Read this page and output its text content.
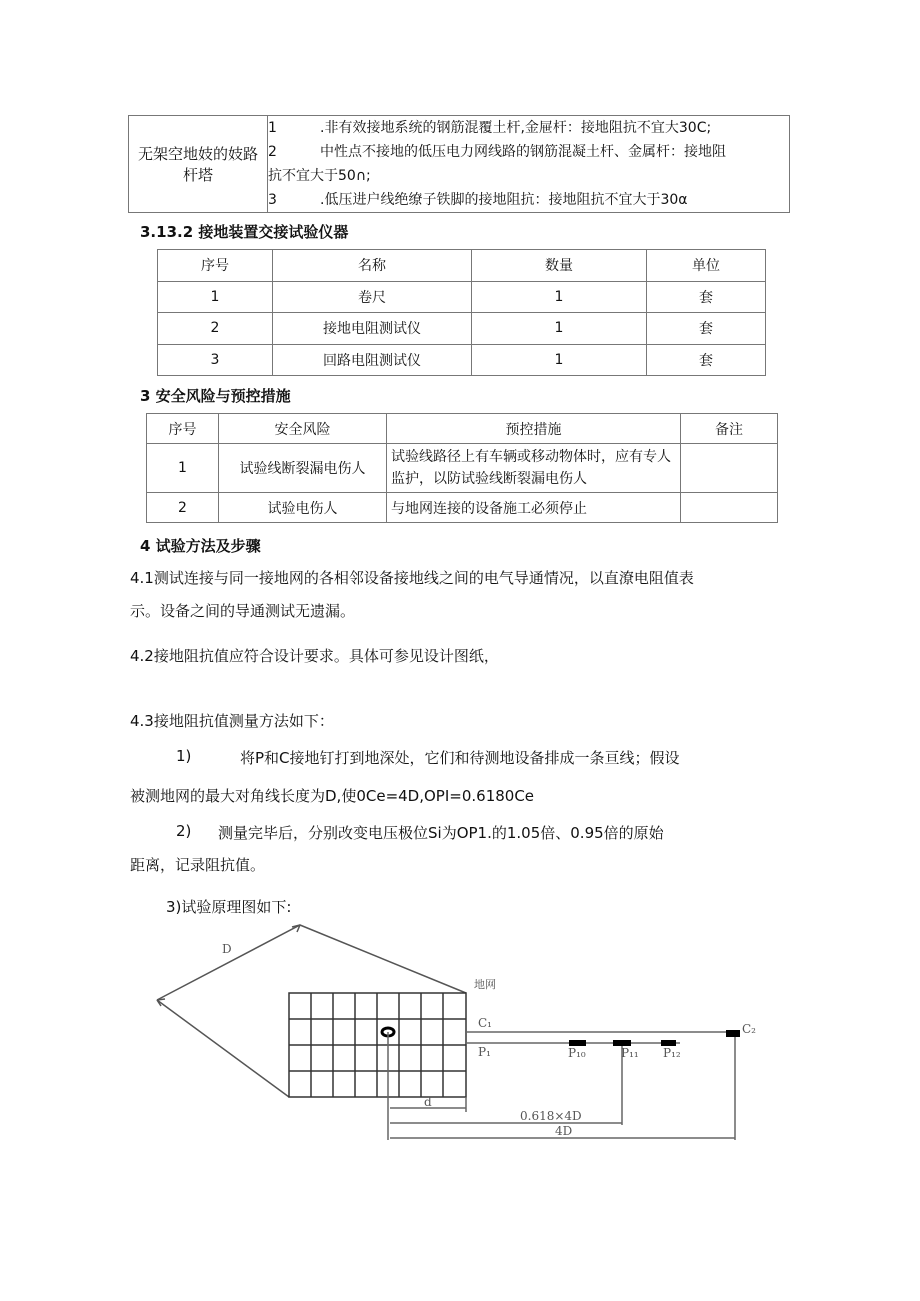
无架空地妓的妓路杆塔	
1	.非有效接地系统的钢筋混覆土杆,金屉杆：接地阻抗不宜大30C;
2	中性点不接地的低压电力网线路的钢筋混凝土杆、金属杆：接地阻
抗不宜大于50∩;
3	.低压进户线绝缭子铁脚的接地阻抗：接地阻抗不宜大于30α
3.13.2 接地装置交接试验仪器
序号	名称	数量	单位
1	卷尺	1	套
2	接地电阻测试仪	1	套
3	回路电阻测试仪	1	套
3 安全风险与预控措施
序号	安全风险	预控措施	备注
1	试验线断裂漏电伤人	试验线路径上有车辆或移动物体时，应有专人监护，以防试验线断裂漏电伤人	
2	试验电伤人	与地网连接的设备施工必须停止	
4 试验方法及步骤
4.1测试连接与同一接地网的各相邻设备接地线之间的电气导通情况，以直潦电阻值表
示。设备之间的导通测试无遗漏。
4.2接地阻抗值应符合设计要求。具体可参见设计图纸，
4.3接地阻抗值测量方法如下：
1)	将P和C接地钉打到地深处，它们和待测地设备排成一条亘线；假设
被测地网的最大对角线长度为D,使0Ce=4D,OPI=0.6180Ce
2) 测量完毕后，分别改变电压极位Si为OP1.的1.05倍、0.95倍的原始
距离，记录阻抗值。
3)试验原理图如下:
D
地网
C₁
P₁
C₂
P₁₀	P₁₁ P₁₂
d
0.618×4D
4D
